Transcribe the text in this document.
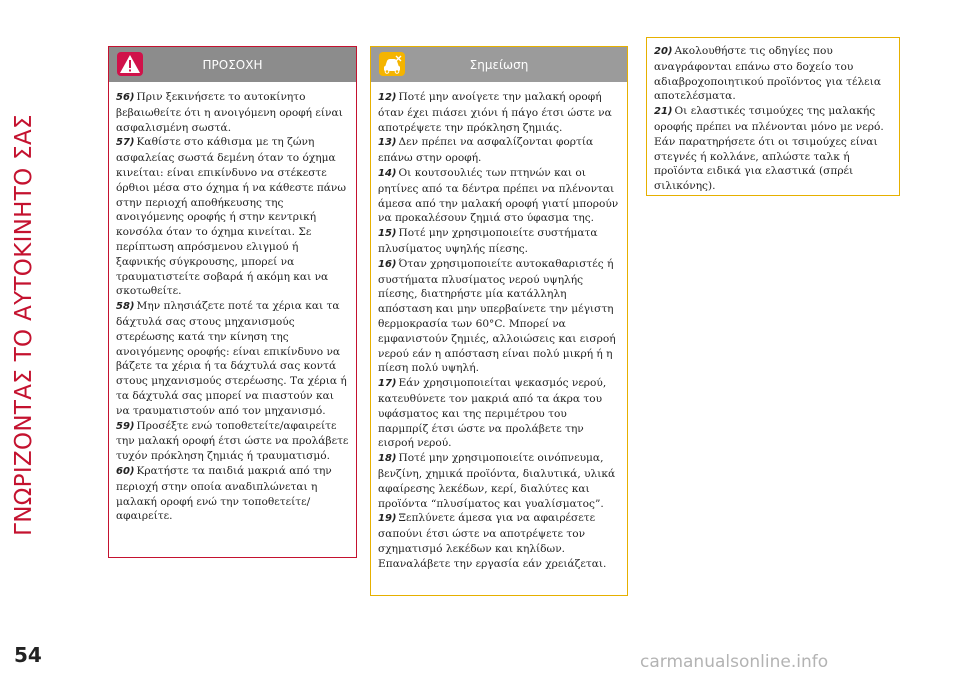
ΓΝΩΡΙΖΟΝΤΑΣ ΤΟ ΑΥΤΟΚΙΝΗΤΟ ΣΑΣ
ΠΡΟΣΟΧΗ

56) Πριν ξεκινήσετε το αυτοκίνητο βεβαιωθείτε ότι η ανοιγόμενη οροφή είναι ασφαλισμένη σωστά.

57) Καθίστε στο κάθισμα με τη ζώνη ασφαλείας σωστά δεμένη όταν το όχημα κινείται: είναι επικίνδυνο να στέκεστε όρθιοι μέσα στο όχημα ή να κάθεστε πάνω στην περιοχή αποθήκευσης της ανοιγόμενης οροφής ή στην κεντρική κονσόλα όταν το όχημα κινείται. Σε περίπτωση απρόσμενου ελιγμού ή ξαφνικής σύγκρουσης, μπορεί να τραυματιστείτε σοβαρά ή ακόμη και να σκοτωθείτε.

58) Μην πλησιάζετε ποτέ τα χέρια και τα δάχτυλά σας στους μηχανισμούς στερέωσης κατά την κίνηση της ανοιγόμενης οροφής: είναι επικίνδυνο να βάζετε τα χέρια ή τα δάχτυλά σας κοντά στους μηχανισμούς στερέωσης. Τα χέρια ή τα δάχτυλά σας μπορεί να πιαστούν και να τραυματιστούν από τον μηχανισμό.

59) Προσέξτε ενώ τοποθετείτε/αφαιρείτε την μαλακή οροφή έτσι ώστε να προλάβετε τυχόν πρόκληση ζημιάς ή τραυματισμό.

60) Κρατήστε τα παιδιά μακριά από την περιοχή στην οποία αναδιπλώνεται η μαλακή οροφή ενώ την τοποθετείτε/ αφαιρείτε.

Σημείωση

12) Ποτέ μην ανοίγετε την μαλακή οροφή όταν έχει πιάσει χιόνι ή πάγο έτσι ώστε να αποτρέψετε την πρόκληση ζημιάς.

13) Δεν πρέπει να ασφαλίζονται φορτία επάνω στην οροφή.

14) Οι κουτσουλιές των πτηνών και οι ρητίνες από τα δέντρα πρέπει να πλένονται άμεσα από την μαλακή οροφή γιατί μπορούν να προκαλέσουν ζημιά στο ύφασμα της.

15) Ποτέ μην χρησιμοποιείτε συστήματα πλυσίματος υψηλής πίεσης.

16) Όταν χρησιμοποιείτε αυτοκαθαριστές ή συστήματα πλυσίματος νερού υψηλής πίεσης, διατηρήστε μία κατάλληλη απόσταση και μην υπερβαίνετε την μέγιστη θερμοκρασία των 60°C. Μπορεί να εμφανιστούν ζημιές, αλλοιώσεις και εισροή νερού εάν η απόσταση είναι πολύ μικρή ή η πίεση πολύ υψηλή.

17) Εάν χρησιμοποιείται ψεκασμός νερού, κατευθύνετε τον μακριά από τα άκρα του υφάσματος και της περιμέτρου του παρμπρίζ έτσι ώστε να προλάβετε την εισροή νερού.

18) Ποτέ μην χρησιμοποιείτε οινόπνευμα, βενζίνη, χημικά προϊόντα, διαλυτικά, υλικά αφαίρεσης λεκέδων, κερί, διαλύτες και προϊόντα “πλυσίματος και γυαλίσματος”.

19) Ξεπλύνετε άμεσα για να αφαιρέσετε σαπούνι έτσι ώστε να αποτρέψετε τον σχηματισμό λεκέδων και κηλίδων. Επαναλάβετε την εργασία εάν χρειάζεται.

20) Ακολουθήστε τις οδηγίες που αναγράφονται επάνω στο δοχείο του αδιαβροχοποιητικού προϊόντος για τέλεια αποτελέσματα.

21) Οι ελαστικές τσιμούχες της μαλακής οροφής πρέπει να πλένονται μόνο με νερό. Εάν παρατηρήσετε ότι οι τσιμούχες είναι στεγνές ή κολλάνε, απλώστε ταλκ ή προϊόντα ειδικά για ελαστικά (σπρέι σιλικόνης).

54	carmanualsonline.info
